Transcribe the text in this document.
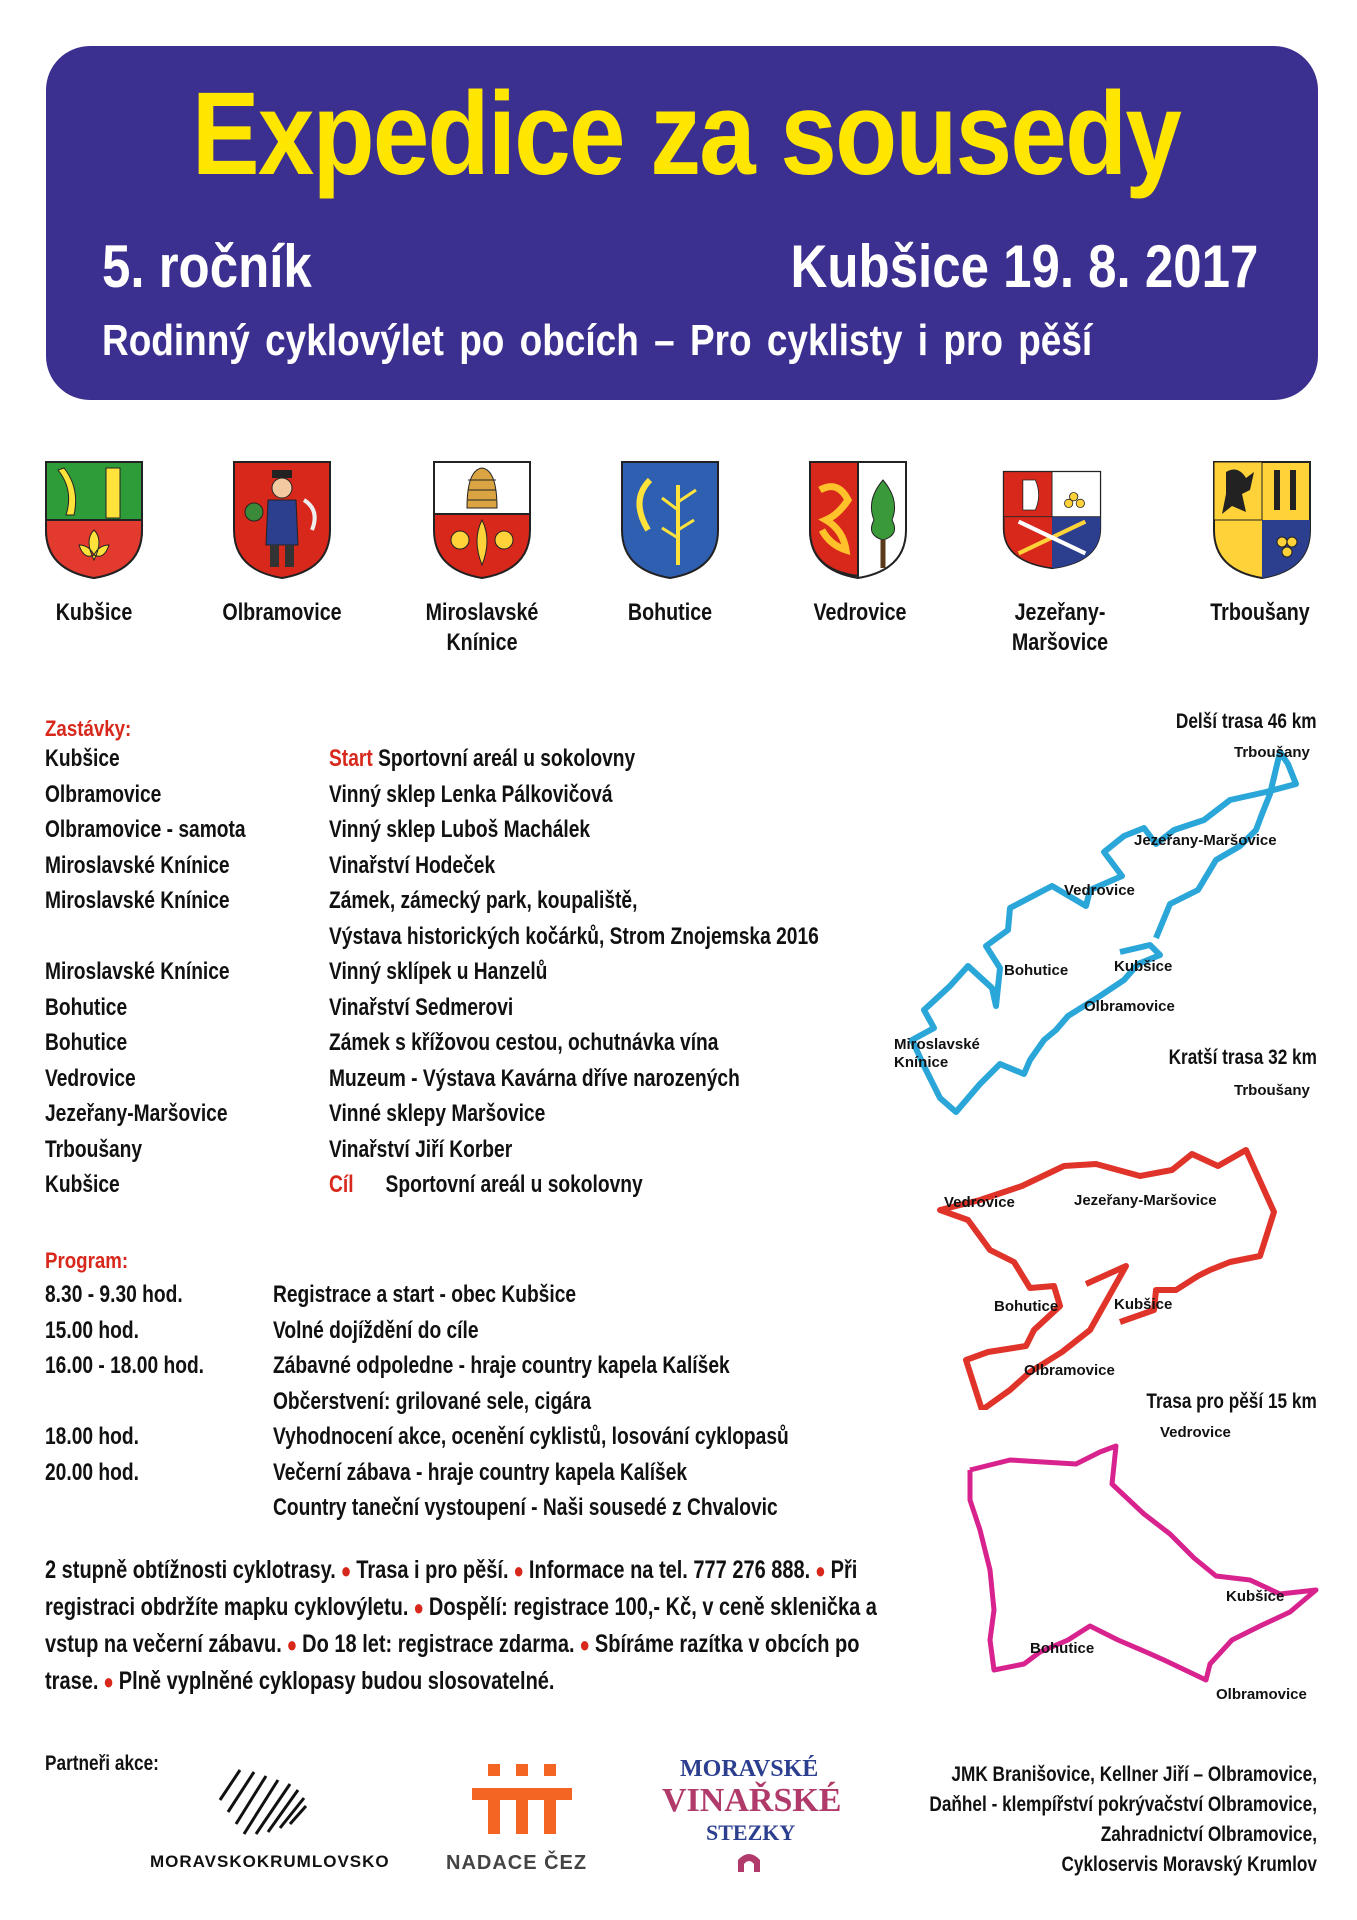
Expedice za sousedy
5. ročník	Kubšice 19. 8. 2017
Rodinný cyklovýlet po obcích – Pro cyklisty i pro pěší
Kubšice	Olbramovice	Miroslavské Knínice
Bohutice	Vedrovice	Jezeřany-Maršovice
Trboušany
Zastávky:
Kubšice	Start Sportovní areál u sokolovny
Olbramovice	Vinný sklep Lenka Pálkovičová
Olbramovice - samota	Vinný sklep Luboš Machálek
Miroslavské Knínice	Vinařství Hodeček
Miroslavské Knínice	Zámek, zámecký park, koupaliště,
Výstava historických kočárků, Strom Znojemska 2016
Miroslavské Knínice	Vinný sklípek u Hanzelů
Bohutice	Vinařství Sedmerovi
Bohutice	Zámek s křížovou cestou, ochutnávka vína
Vedrovice	Muzeum - Výstava Kavárna dříve narozených
Jezeřany-Maršovice	Vinné sklepy Maršovice
Trboušany	Vinařství Jiří Korber
Kubšice	Cíl Sportovní areál u sokolovny
Program:
8.30 - 9.30 hod.	Registrace a start - obec Kubšice
15.00 hod.	Volné dojíždění do cíle
16.00 - 18.00 hod.	Zábavné odpoledne - hraje country kapela Kalíšek
Občerstvení: grilované sele, cigára
18.00 hod.	Vyhodnocení akce, ocenění cyklistů, losování cyklopasů
20.00 hod.	Večerní zábava - hraje country kapela Kalíšek
Country taneční vystoupení - Naši sousedé z Chvalovic
2 stupně obtížnosti cyklotrasy. ● Trasa i pro pěší. ● Informace na tel. 777 276 888. ● Při registraci obdržíte mapku cyklovýletu. ● Dospělí: registrace 100,- Kč, v ceně skleničkа a vstup na večerní zábavu. ● Do 18 let: registrace zdarma. ● Sbíráme razítka v obcích po trase. ● Plně vyplněné cyklopasy budou slosovatelné.
Delší trasa 46 km
Trboušany
Jezeřany-Maršovice
Vedrovice
Bohutice	Kubšice
Olbramovice
Miroslavské
Knínice	Kratší trasa 32 km
Trboušany
Vedrovice	Jezeřany-Maršovice
Bohutice	Kubšice
Olbramovice
Trasa pro pěší 15 km
Vedrovice
Kubšice
Bohutice
Olbramovice
Partneři akce:
MORAVSKOKRUMLOVSKO	NADACE ČEZ
MORAVSKÉ
VINAŘSKÉ
STEZKY
JMK Branišovice, Kellner Jiří – Olbramovice,
Daňhel - klempířství pokrývačství Olbramovice,
Zahradnictví Olbramovice,
Cykloservis Moravský Krumlov
